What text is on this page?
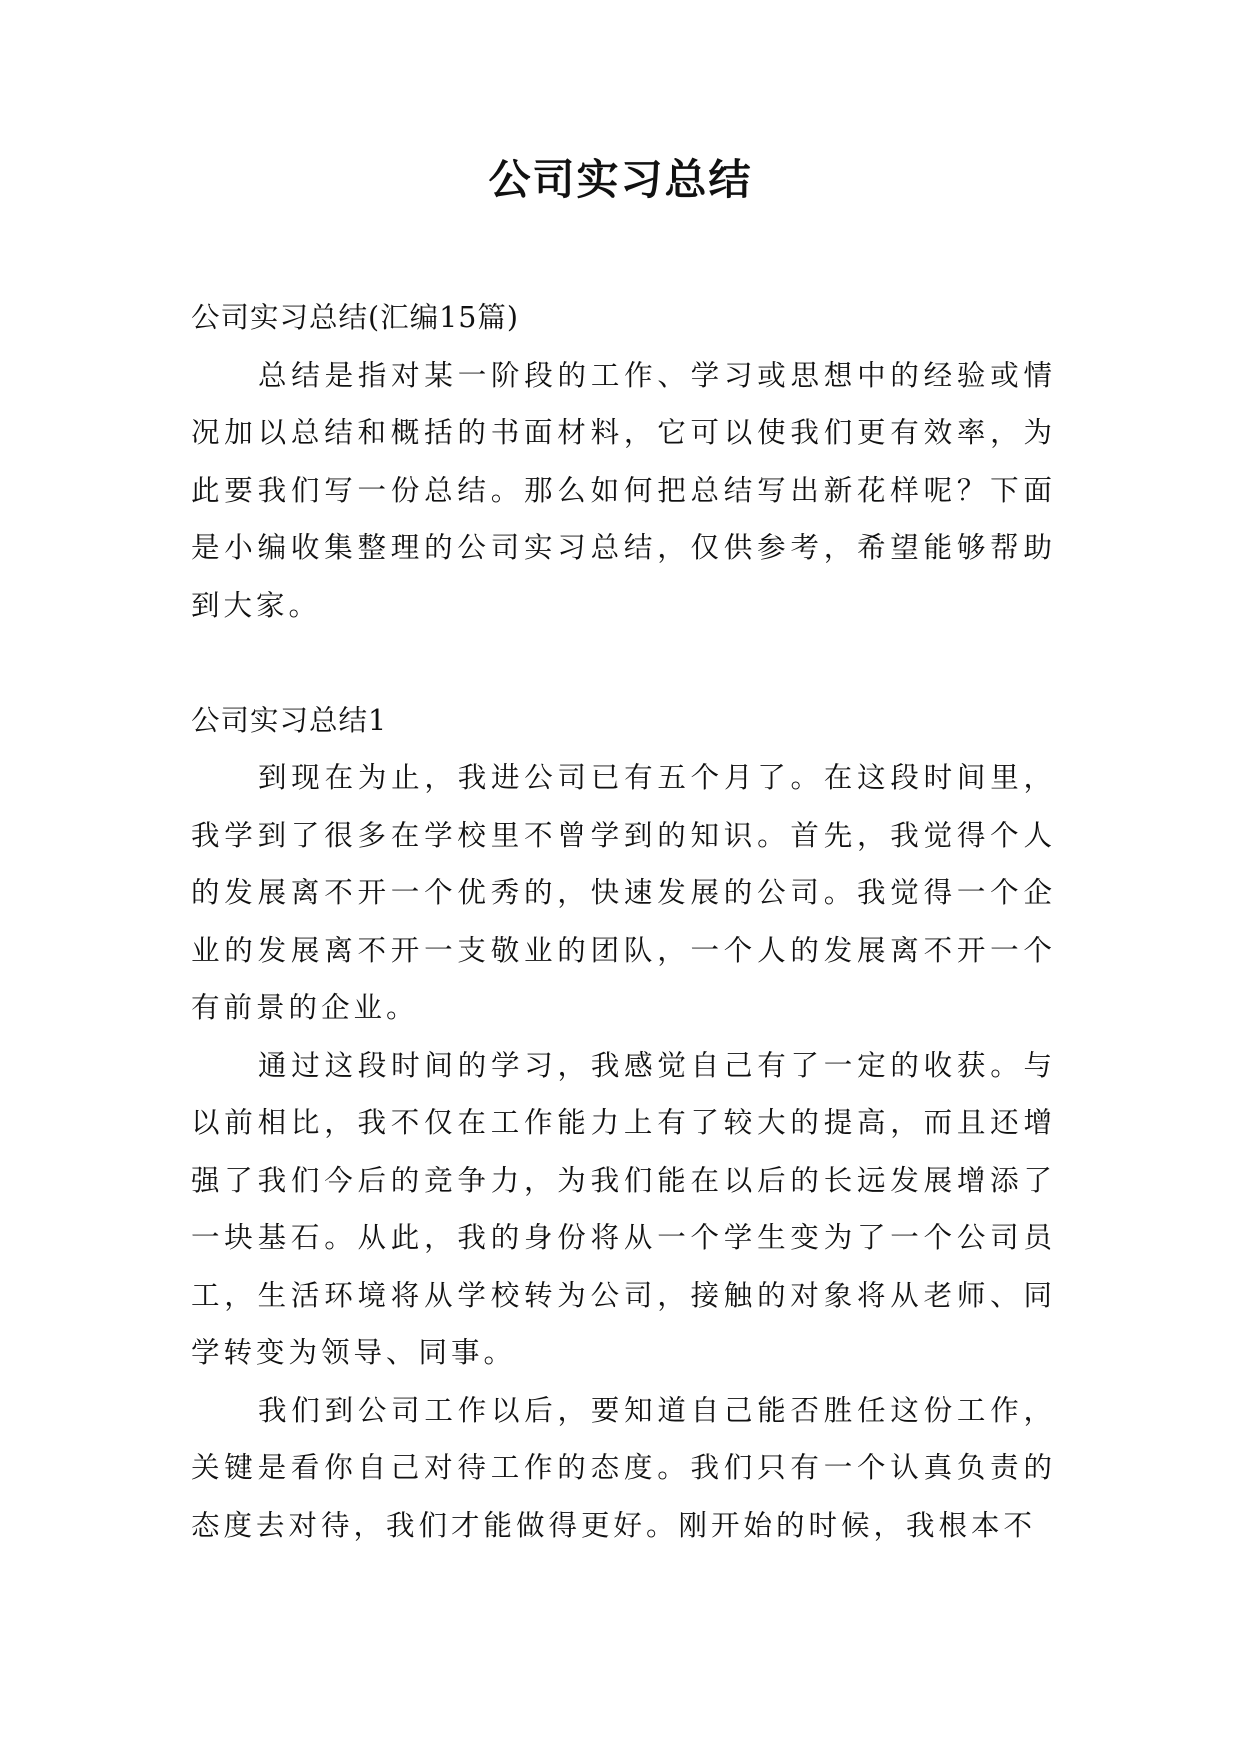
公司实习总结

公司实习总结(汇编15篇)

总结是指对某一阶段的工作、学习或思想中的经验或情况加以总结和概括的书面材料，它可以使我们更有效率，为此要我们写一份总结。那么如何把总结写出新花样呢？下面是小编收集整理的公司实习总结，仅供参考，希望能够帮助到大家。

公司实习总结1

到现在为止，我进公司已有五个月了。在这段时间里，我学到了很多在学校里不曾学到的知识。首先，我觉得个人的发展离不开一个优秀的，快速发展的公司。我觉得一个企业的发展离不开一支敬业的团队，一个人的发展离不开一个有前景的企业。

通过这段时间的学习，我感觉自己有了一定的收获。与以前相比，我不仅在工作能力上有了较大的提高，而且还增强了我们今后的竞争力，为我们能在以后的长远发展增添了一块基石。从此，我的身份将从一个学生变为了一个公司员工，生活环境将从学校转为公司，接触的对象将从老师、同学转变为领导、同事。

我们到公司工作以后，要知道自己能否胜任这份工作，关键是看你自己对待工作的态度。我们只有一个认真负责的态度去对待，我们才能做得更好。刚开始的时候，我根本不
